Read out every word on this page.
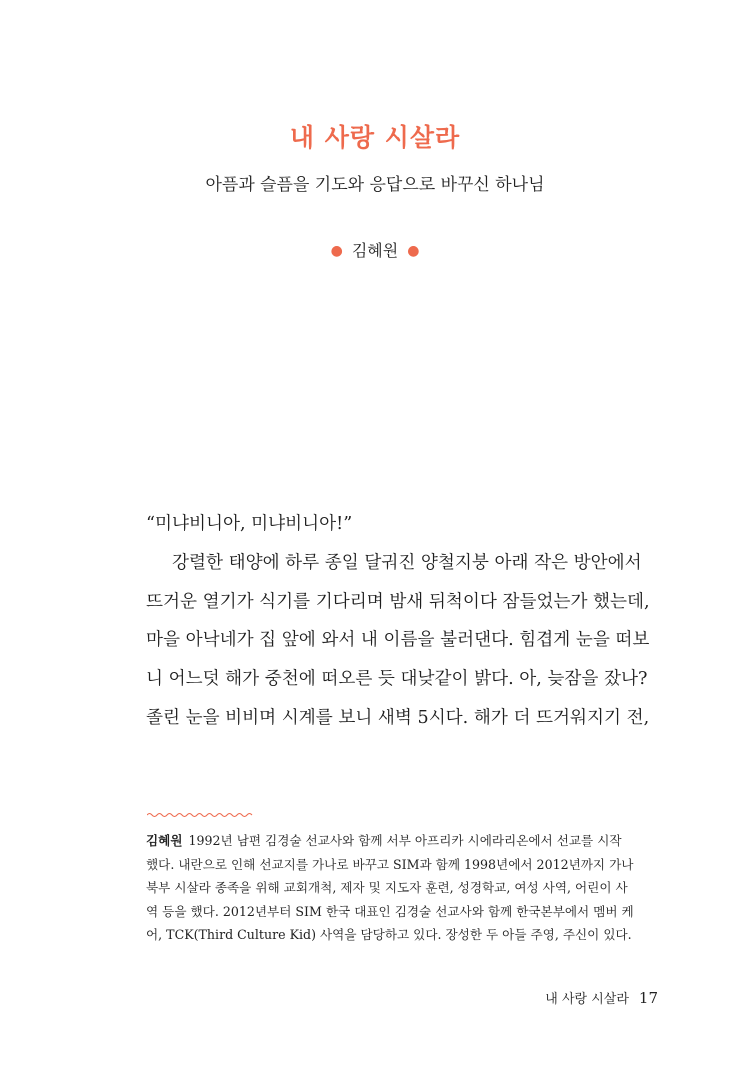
내 사랑 시살라
아픔과 슬픔을 기도와 응답으로 바꾸신 하나님
● 김혜원 ●

“미냐비니아, 미냐비니아!”

강렬한 태양에 하루 종일 달궈진 양철지붕 아래 작은 방안에서

뜨거운 열기가 식기를 기다리며 밤새 뒤척이다 잠들었는가 했는데,

마을 아낙네가 집 앞에 와서 내 이름을 불러댄다. 힘겹게 눈을 떠보

니 어느덧 해가 중천에 떠오른 듯 대낮같이 밝다. 아, 늦잠을 잤나?

졸린 눈을 비비며 시계를 보니 새벽 5시다. 해가 더 뜨거워지기 전,

김혜원 1992년 남편 김경술 선교사와 함께 서부 아프리카 시에라리온에서 선교를 시작

했다. 내란으로 인해 선교지를 가나로 바꾸고 SIM과 함께 1998년에서 2012년까지 가나

북부 시살라 종족을 위해 교회개척, 제자 및 지도자 훈련, 성경학교, 여성 사역, 어린이 사

역 등을 했다. 2012년부터 SIM 한국 대표인 김경술 선교사와 함께 한국본부에서 멤버 케

어, TCK(Third Culture Kid) 사역을 담당하고 있다. 장성한 두 아들 주영, 주신이 있다.

내 사랑 시살라 17
